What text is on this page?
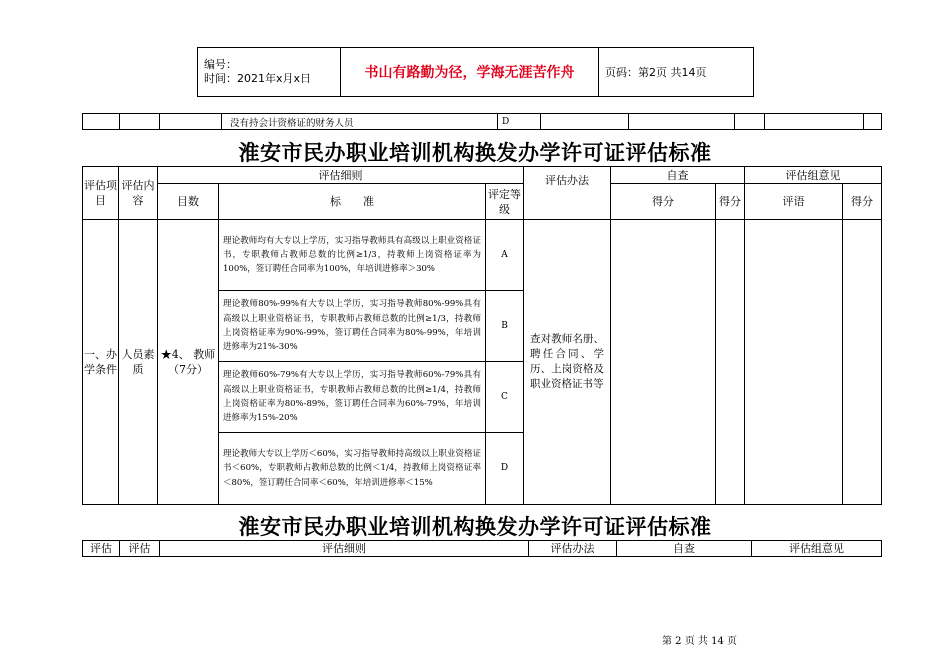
编号：
时间：2021年x月x日	书山有路勤为径，学海无涯苦作舟	页码：第2页 共14页
			没有持会计资格证的财务人员	D					
淮安市民办职业培训机构换发办学许可证评估标准
评估项目	评估内容	评估细则			评估办法	自查		评估组意见	
		目数	标　　准	评定等级		得分	得分	评语	得分
一、办学条件	人员素质	★4、 教师（7分）	理论教师均有大专以上学历，实习指导教师具有高级以上职业资格证书，专职教师占教师总数的比例≥1/3，持教师上岗资格证率为100%，签订聘任合同率为100%，年培训进修率＞30%	A	查对教师名册、聘任合同、学历、上岗资格及职业资格证书等				
			理论教师80%-99%有大专以上学历，实习指导教师80%-99%具有高级以上职业资格证书，专职教师占教师总数的比例≥1/3，持教师上岗资格证率为90%-99%，签订聘任合同率为80%-99%，年培训进修率为21%-30%	B					
			理论教师60%-79%有大专以上学历，实习指导教师60%-79%具有高级以上职业资格证书，专职教师占教师总数的比例≥1/4，持教师上岗资格证率为80%-89%，签订聘任合同率为60%-79%，年培训进修率为15%-20%	C					
			理论教师大专以上学历＜60%，实习指导教师持高级以上职业资格证书＜60%，专职教师占教师总数的比例＜1/4，持教师上岗资格证率＜80%，签订聘任合同率＜60%，年培训进修率＜15%	D					
淮安市民办职业培训机构换发办学许可证评估标准
评估	评估	评估细则	评估办法	自查	评估组意见
第 2 页 共 14 页
